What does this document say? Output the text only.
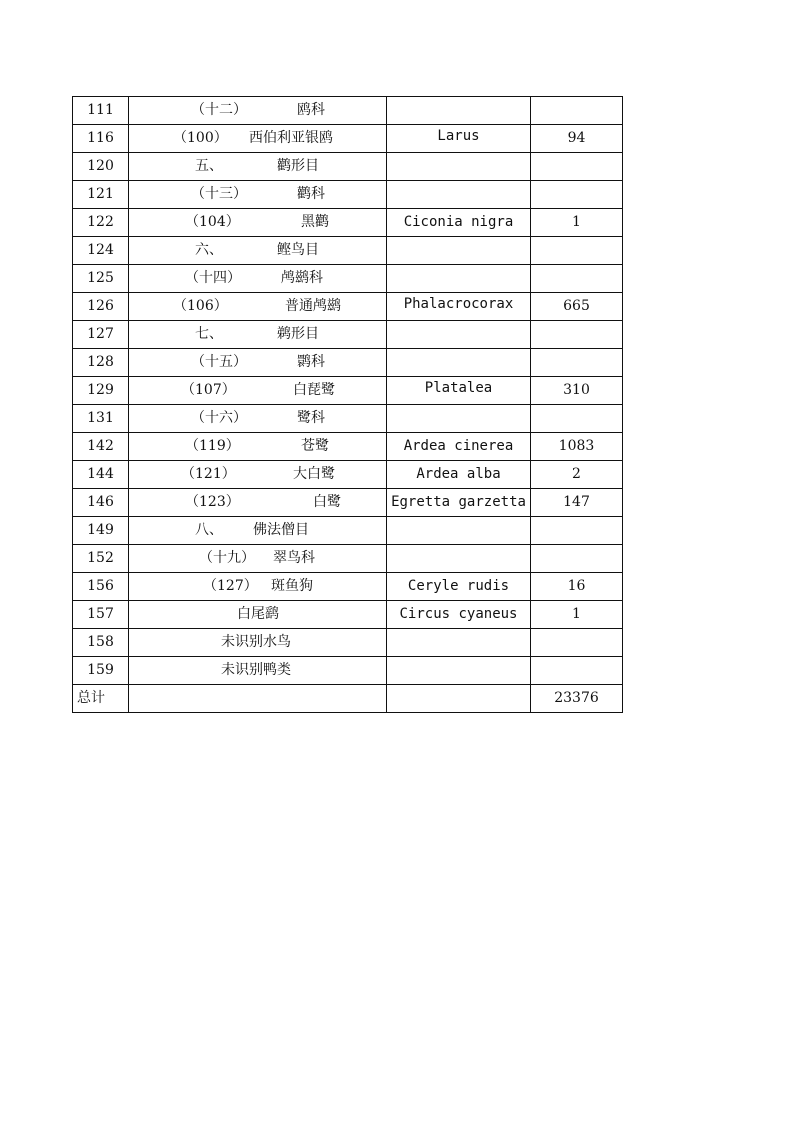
111	（十二） 鸥科		

116	（100） 西伯利亚银鸥	Larus	94
120	五、 鹳形目		

121	（十三） 鹳科		

122	（104） 黑鹳	Ciconia nigra	1
124	六、 鲣鸟目		

125	（十四） 鸬鹚科		

126	（106） 普通鸬鹚	Phalacrocorax	665
127	七、 鹈形目		

128	（十五） 鹮科		

129	（107） 白琵鹭	Platalea	310
131	（十六） 鹭科		

142	（119） 苍鹭	Ardea cinerea	1083
144	（121） 大白鹭	Ardea alba	2
146	（123） 白鹭	Egretta garzetta	147
149	八、 佛法僧目		

152	（十九） 翠鸟科		

156	（127） 斑鱼狗	Ceryle rudis	16
157	白尾鹞	Circus cyaneus	1
158	未识别水鸟		

159	未识别鸭类		

总计			23376
